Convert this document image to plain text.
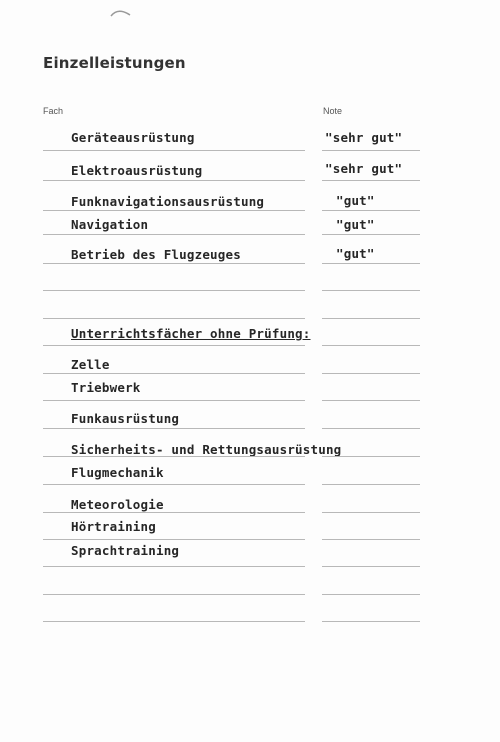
Einzelleistungen
Fach	Note
Geräteausrüstung	"sehr gut"
Elektroausrüstung	"sehr gut"
Funknavigationsausrüstung	"gut"
Navigation	"gut"
Betrieb des Flugzeuges	"gut"
Unterrichtsfächer ohne Prüfung:
Zelle
Triebwerk
Funkausrüstung
Sicherheits- und Rettungsausrüstung
Flugmechanik
Meteorologie
Hörtraining
Sprachtraining
